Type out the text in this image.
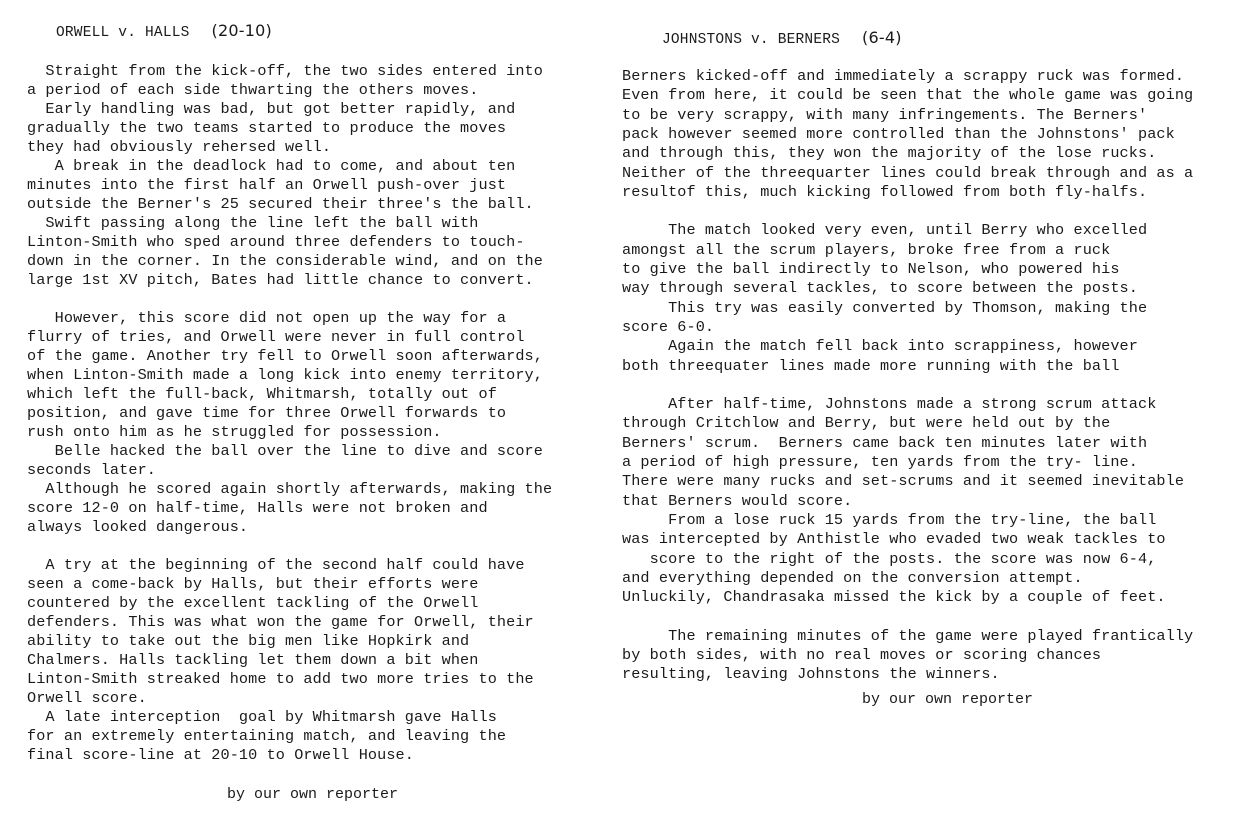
ORWELL v. HALLS (20-10)
Straight from the kick-off, the two sides entered into
a period of each side thwarting the others moves.
Early handling was bad, but got better rapidly, and
gradually the two teams started to produce the moves
they had obviously rehersed well.
A break in the deadlock had to come, and about ten
minutes into the first half an Orwell push-over just
outside the Berner's 25 secured their three's the ball.
Swift passing along the line left the ball with
Linton-Smith who sped around three defenders to touch-
down in the corner. In the considerable wind, and on the
large 1st XV pitch, Bates had little chance to convert.
However, this score did not open up the way for a
flurry of tries, and Orwell were never in full control
of the game. Another try fell to Orwell soon afterwards,
when Linton-Smith made a long kick into enemy territory,
which left the full-back, Whitmarsh, totally out of
position, and gave time for three Orwell forwards to
rush onto him as he struggled for possession.
Belle hacked the ball over the line to dive and score
seconds later.
Although he scored again shortly afterwards, making the
score 12-0 on half-time, Halls were not broken and
always looked dangerous.
A try at the beginning of the second half could have
seen a come-back by Halls, but their efforts were
countered by the excellent tackling of the Orwell
defenders. This was what won the game for Orwell, their
ability to take out the big men like Hopkirk and
Chalmers. Halls tackling let them down a bit when
Linton-Smith streaked home to add two more tries to the
Orwell score.
A late interception  goal by Whitmarsh gave Halls
for an extremely entertaining match, and leaving the
final score-line at 20-10 to Orwell House.
by our own reporter
JOHNSTONS v. BERNERS (6-4)
Berners kicked-off and immediately a scrappy ruck was formed.
Even from here, it could be seen that the whole game was going
to be very scrappy, with many infringements. The Berners'
pack however seemed more controlled than the Johnstons' pack
and through this, they won the majority of the lose rucks.
Neither of the threequarter lines could break through and as a
resultof this, much kicking followed from both fly-halfs.
The match looked very even, until Berry who excelled
amongst all the scrum players, broke free from a ruck
to give the ball indirectly to Nelson, who powered his
way through several tackles, to score between the posts.
This try was easily converted by Thomson, making the
score 6-0.
Again the match fell back into scrappiness, however
both threequater lines made more running with the ball
After half-time, Johnstons made a strong scrum attack
through Critchlow and Berry, but were held out by the
Berners' scrum.  Berners came back ten minutes later with
a period of high pressure, ten yards from the try- line.
There were many rucks and set-scrums and it seemed inevitable
that Berners would score.
From a lose ruck 15 yards from the try-line, the ball
was intercepted by Anthistle who evaded two weak tackles to
score to the right of the posts. the score was now 6-4,
and everything depended on the conversion attempt.
Unluckily, Chandrasaka missed the kick by a couple of feet.
The remaining minutes of the game were played frantically
by both sides, with no real moves or scoring chances
resulting, leaving Johnstons the winners.
by our own reporter
